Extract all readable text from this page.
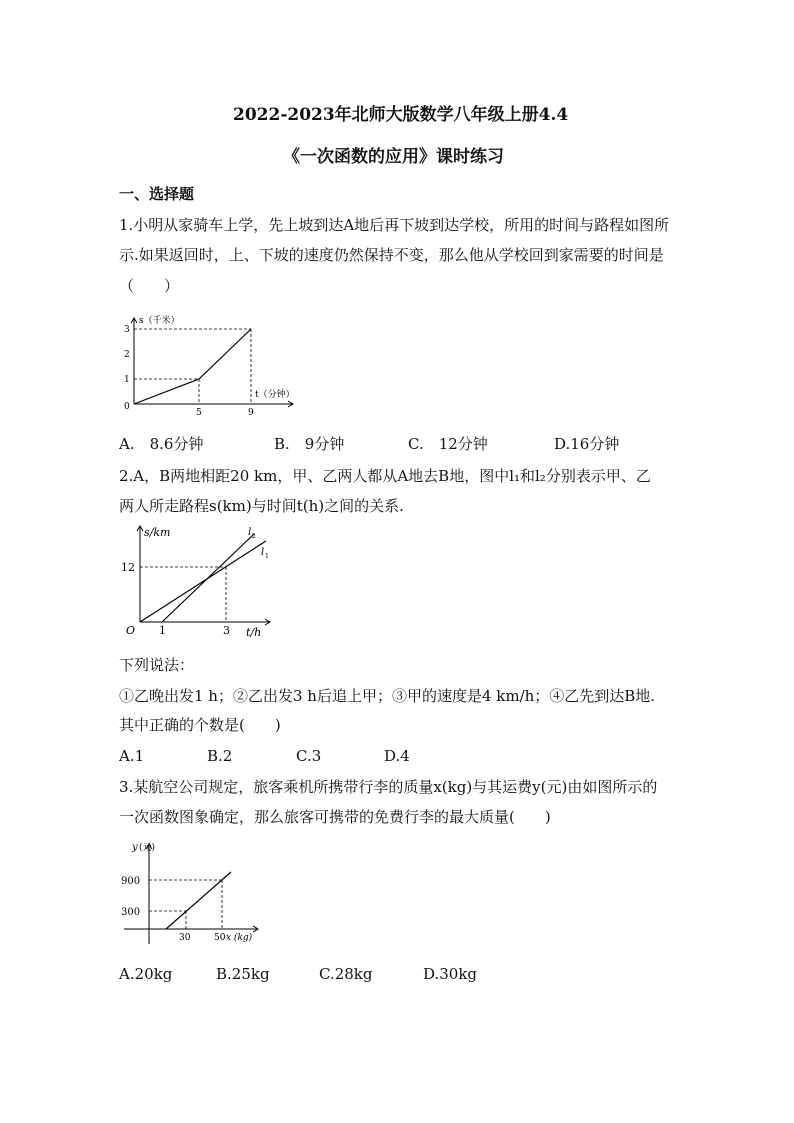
2022-2023年北师大版数学八年级上册4.4
《一次函数的应用》课时练习
一、选择题
1.小明从家骑车上学，先上坡到达A地后再下坡到达学校，所用的时间与路程如图所
示.如果返回时，上、下坡的速度仍然保持不变，那么他从学校回到家需要的时间是
（　　）
s（千米）
t（分钟）
3
2
1
0
5	9
A.　8.6分钟	B.　9分钟	C.　12分钟	D.16分钟
2.A，B两地相距20 km，甲、乙两人都从A地去B地，图中l₁和l₂分别表示甲、乙
两人所走路程s(km)与时间t(h)之间的关系.
s/km
12
O 1	3 t/h
l 2
l 1
下列说法：
①乙晚出发1 h；②乙出发3 h后追上甲；③甲的速度是4 km/h；④乙先到达B地.
其中正确的个数是(　　)
A.1	B.2	C.3	D.4
3.某航空公司规定，旅客乘机所携带行李的质量x(kg)与其运费y(元)由如图所示的
一次函数图象确定，那么旅客可携带的免费行李的最大质量(　　)
y (元)
900
300
30	50 x (kg)
A.20kg	B.25kg	C.28kg	D.30kg
